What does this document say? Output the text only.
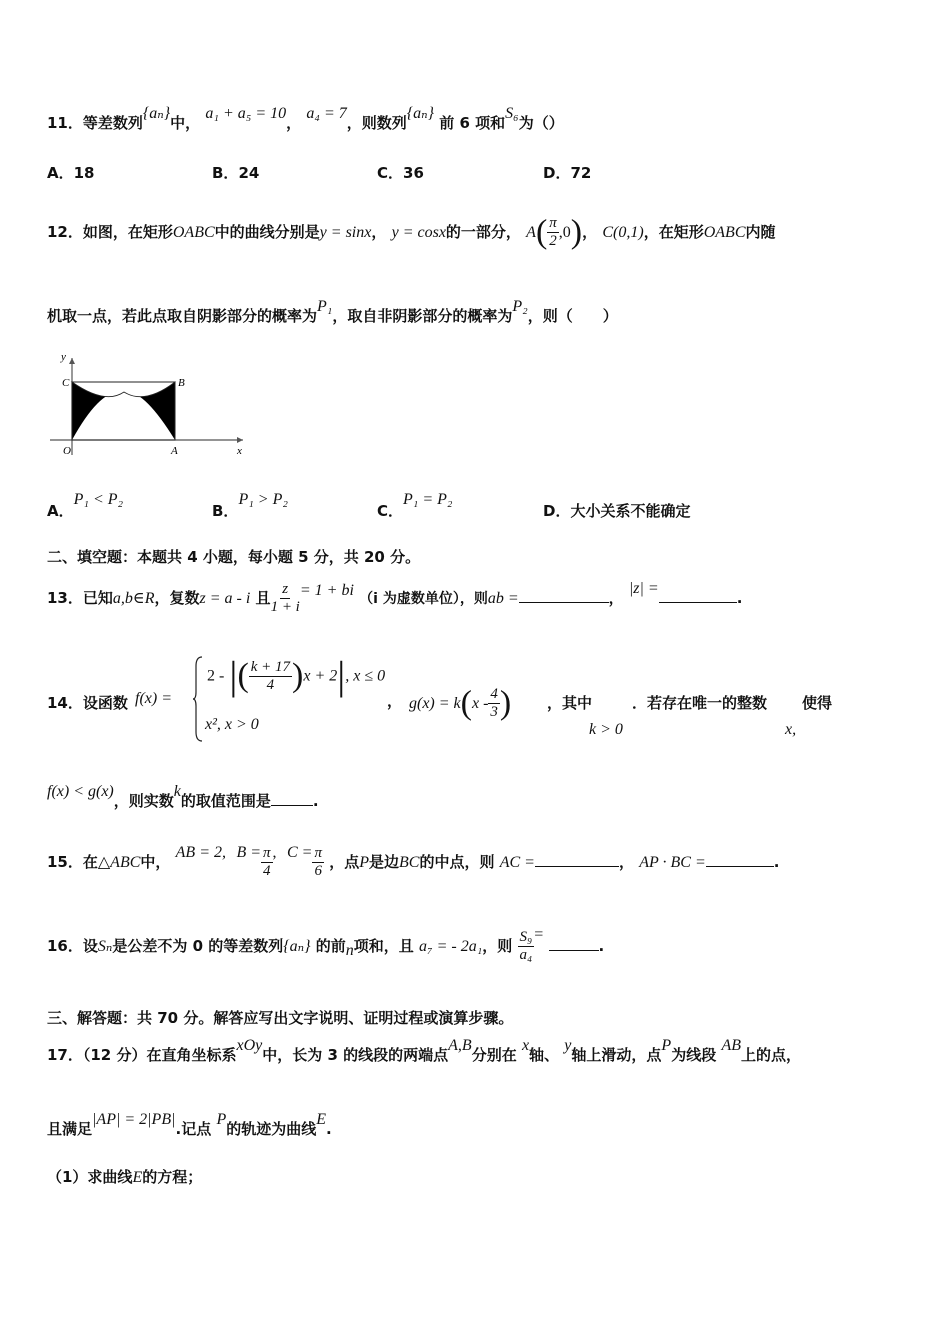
11．等差数列{aₙ}中， a₁ + a₅ = 10， a₄ = 7，则数列{aₙ} 前 6 项和S₆为（）
A．18	B．24	C．36	D．72
12．如图，在矩形OABC中的曲线分别是y = sinx， y = cosx的一部分， $A( \frac{\pi}{2} ,0)$， C(0,1)，在矩形OABC内随
机取一点，若此点取自阴影部分的概率为P₁，取自非阴影部分的概率为P₂，则（　　）
y
C	B
O	A	x
A．P₁ < P₂
B．P₁ > P₂
C．P₁ = P₂
D．大小关系不能确定
二、填空题：本题共 4 小题，每小题 5 分，共 20 分。
13．已知a,b∈R，复数z = a - i 且 $\frac{z}{1 + i} = 1$ + bi （i 为虚数单位），则ab =	， |z| =.
14．设函数 f(x) =
2 - |( $\frac{k + 17}{4} )x + 2|$, x ≤ 0
x², x > 0
， $g(x) = k(x - \frac{4}{3}$ ) ，其中	．若存在唯一的整数 使得
k > 0	x,
f(x) < g(x)，则实数k的取值范围是	.
15．在△ABC中， AB = 2, $B = \frac{\pi}{4}$ , $C = \frac{\pi}{6}$ ，点P是边BC的中点，则 AC =	， AP · BC =	.
16．设Sₙ是公差不为 0 的等差数列{aₙ} 的前n项和，且 a₇ = - 2a₁，则 $\frac{\text{S₉}}{\text{a₄}}$ = .
三、解答题：共 70 分。解答应写出文字说明、证明过程或演算步骤。
17．（12 分）在直角坐标系xOy中，长为 3 的线段的两端点A,B分别在 x轴、 y轴上滑动，点P为线段 AB上的点，
且满足|AP| = 2|PB|.记点 P的轨迹为曲线E.
（1）求曲线E的方程；
